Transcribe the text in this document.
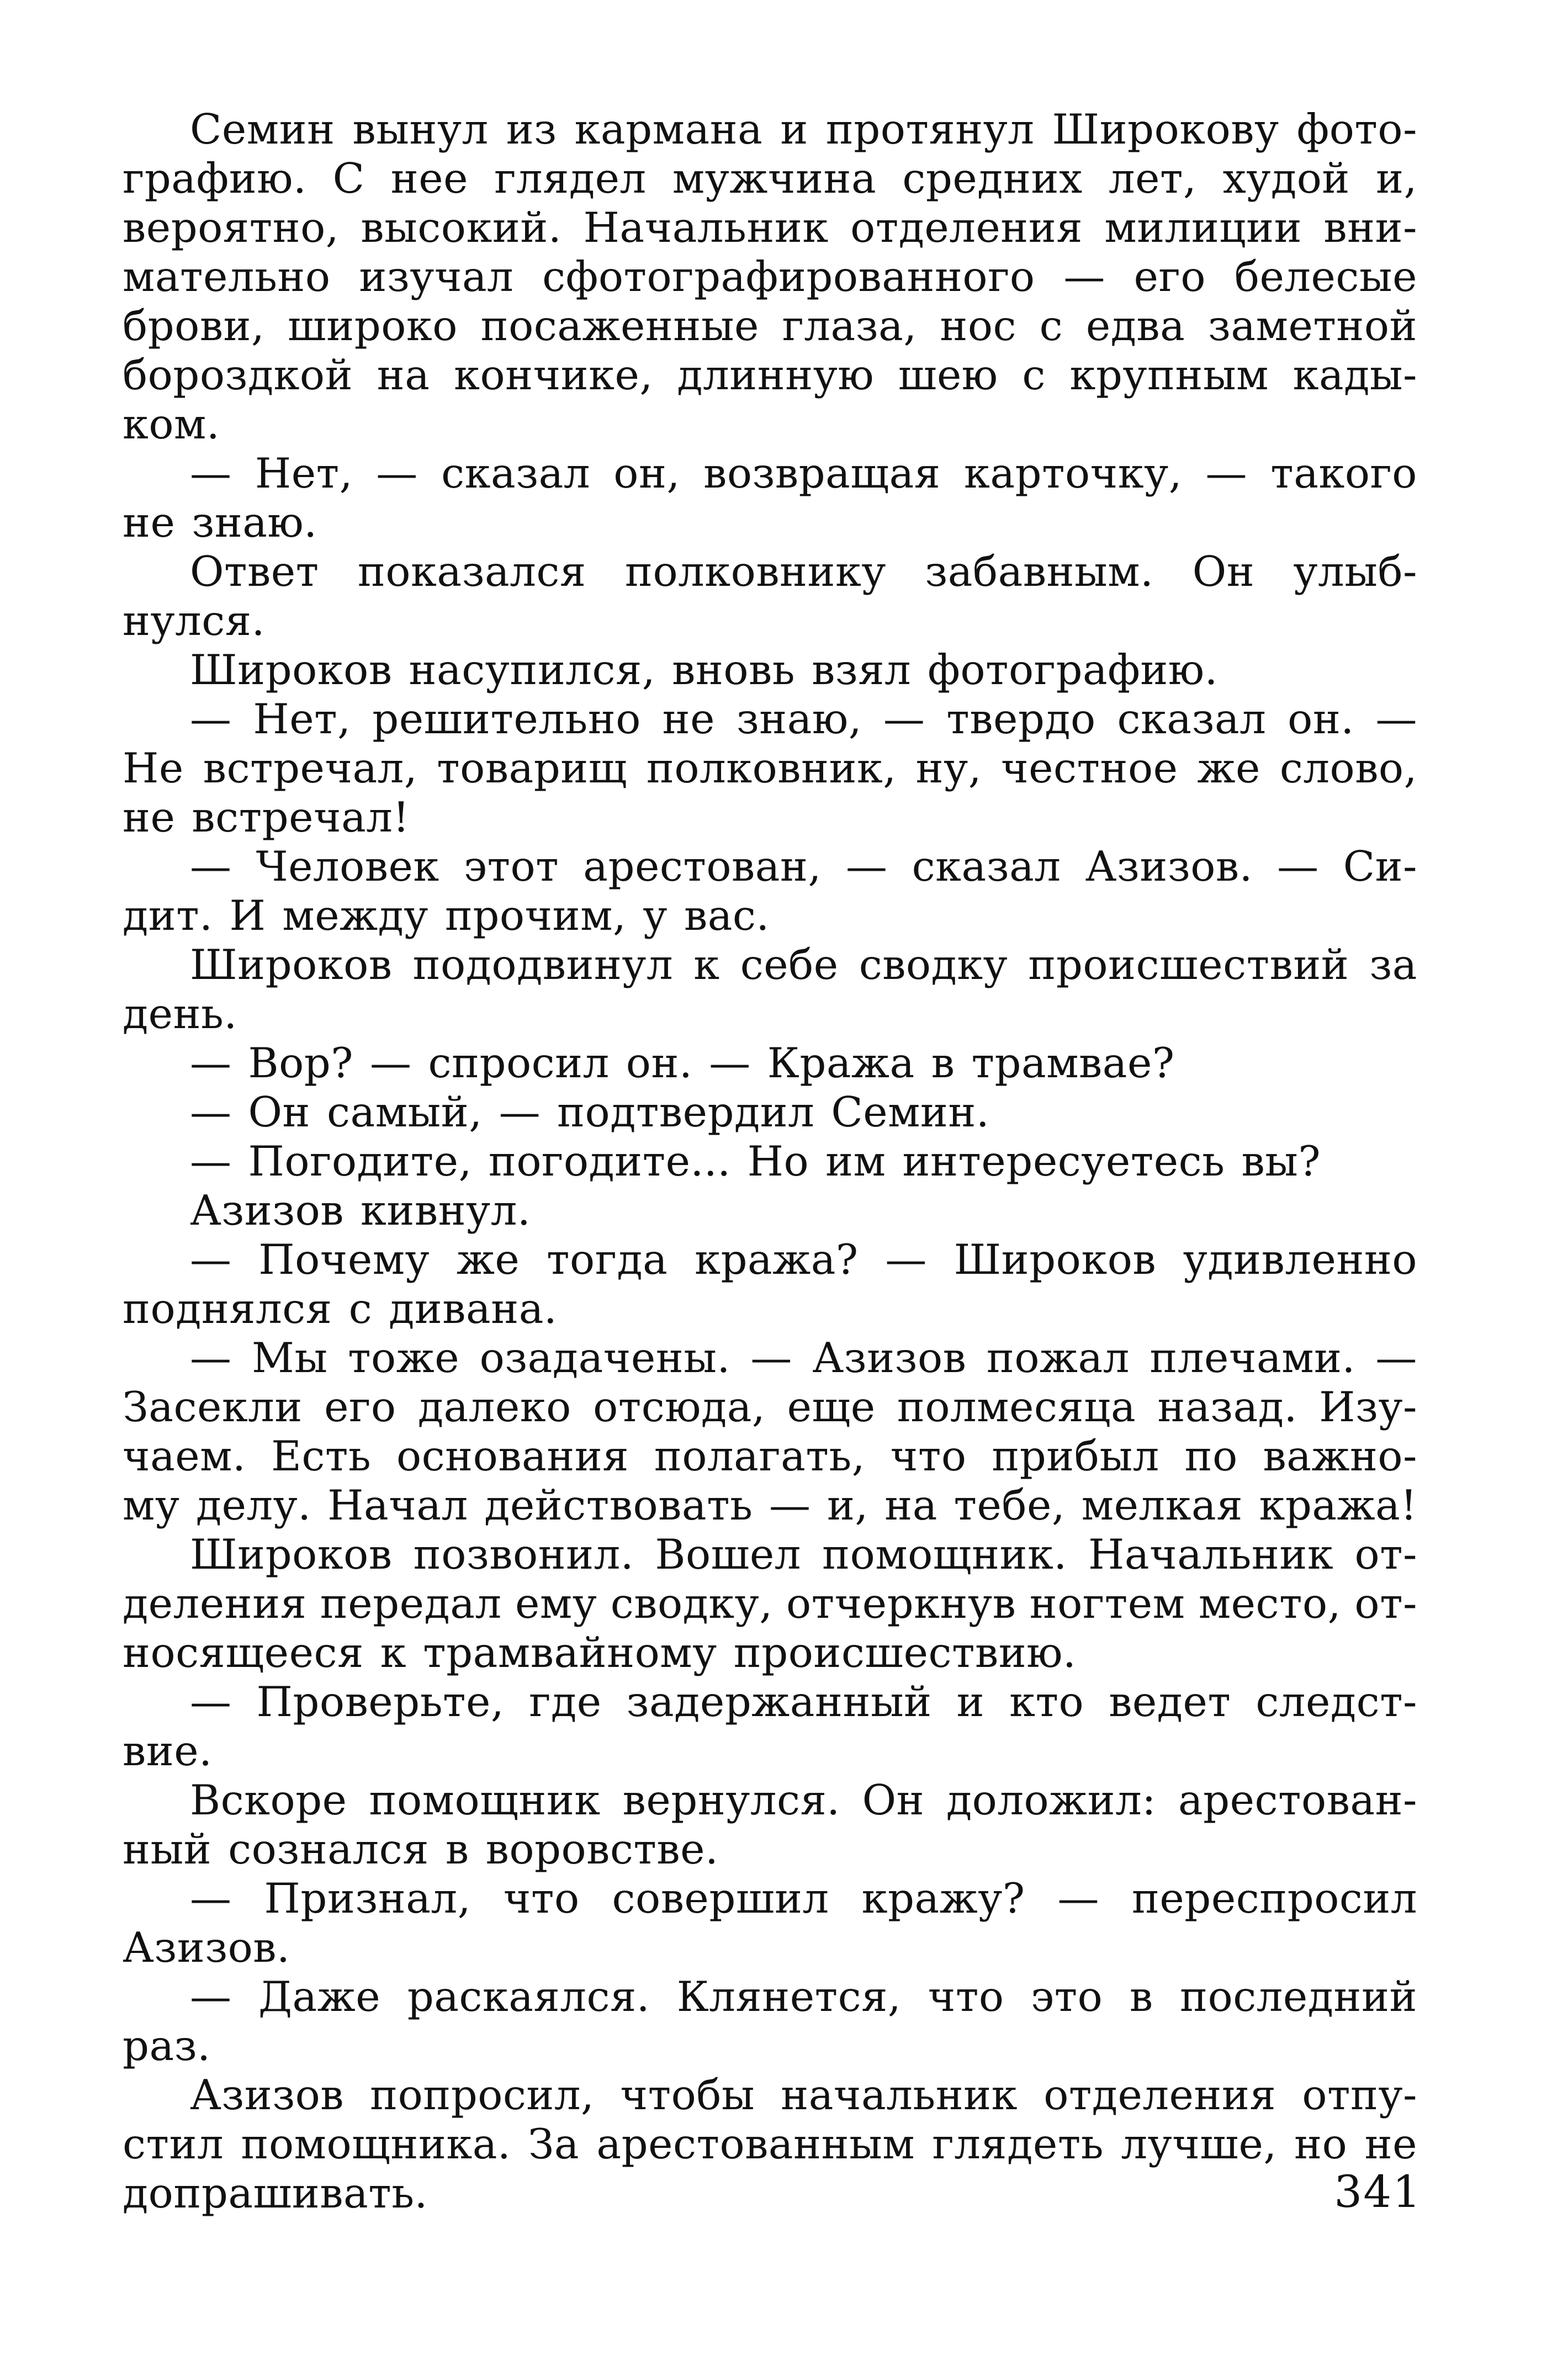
Семин вынул из кармана и протянул Широкову фото-
графию. С нее глядел мужчина средних лет, худой и,
вероятно, высокий. Начальник отделения милиции вни-
мательно изучал сфотографированного — его белесые
брови, широко посаженные глаза, нос с едва заметной
бороздкой на кончике, длинную шею с крупным кады-
ком.
— Нет, — сказал он, возвращая карточку, — такого
не знаю.
Ответ показался полковнику забавным. Он улыб-
нулся.
Широков насупился, вновь взял фотографию.
— Нет, решительно не знаю, — твердо сказал он. —
Не встречал, товарищ полковник, ну, честное же слово,
не встречал!
— Человек этот арестован, — сказал Азизов. — Си-
дит. И между прочим, у вас.
Широков пододвинул к себе сводку происшествий за
день.
— Вор? — спросил он. — Кража в трамвае?
— Он самый, — подтвердил Семин.
— Погодите, погодите... Но им интересуетесь вы?
Азизов кивнул.
— Почему же тогда кража? — Широков удивленно
поднялся с дивана.
— Мы тоже озадачены. — Азизов пожал плечами. —
Засекли его далеко отсюда, еще полмесяца назад. Изу-
чаем. Есть основания полагать, что прибыл по важно-
му делу. Начал действовать — и, на тебе, мелкая кража!
Широков позвонил. Вошел помощник. Начальник от-
деления передал ему сводку, отчеркнув ногтем место, от-
носящееся к трамвайному происшествию.
— Проверьте, где задержанный и кто ведет следст-
вие.
Вскоре помощник вернулся. Он доложил: арестован-
ный сознался в воровстве.
— Признал, что совершил кражу? — переспросил
Азизов.
— Даже раскаялся. Клянется, что это в последний
раз.
Азизов попросил, чтобы начальник отделения отпу-
стил помощника. За арестованным глядеть лучше, но не
допрашивать.	341
